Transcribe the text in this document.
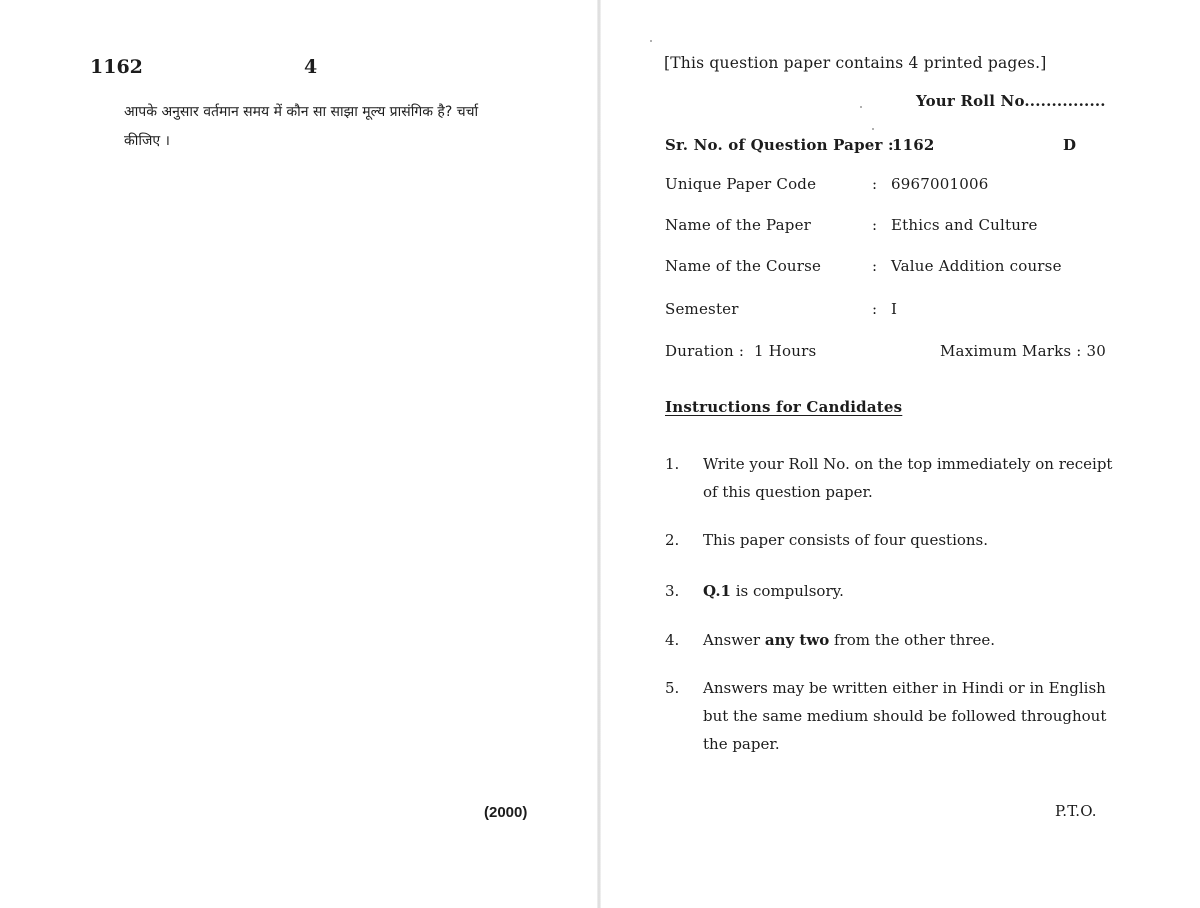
1162	4
आपके अनुसार वर्तमान समय में कौन सा साझा मूल्य प्रासंगिक है? चर्चा
कीजिए ।
(2000)
[This question paper contains 4 printed pages.]
Your Roll No...............
Sr. No. of Question Paper :
1162	D
Unique Paper Code	: 6967001006
Name of the Paper	: Ethics and Culture
Name of the Course	: Value Addition course
Semester	: I
Duration : 1 Hours	Maximum Marks : 30
Instructions for Candidates
1.	Write your Roll No. on the top immediately on receipt of this question paper.
2.	This paper consists of four questions.
3.	Q.1 is compulsory.
4.	Answer any two from the other three.
5.	Answers may be written either in Hindi or in English but the same medium should be followed throughout the paper.
P.T.O.
